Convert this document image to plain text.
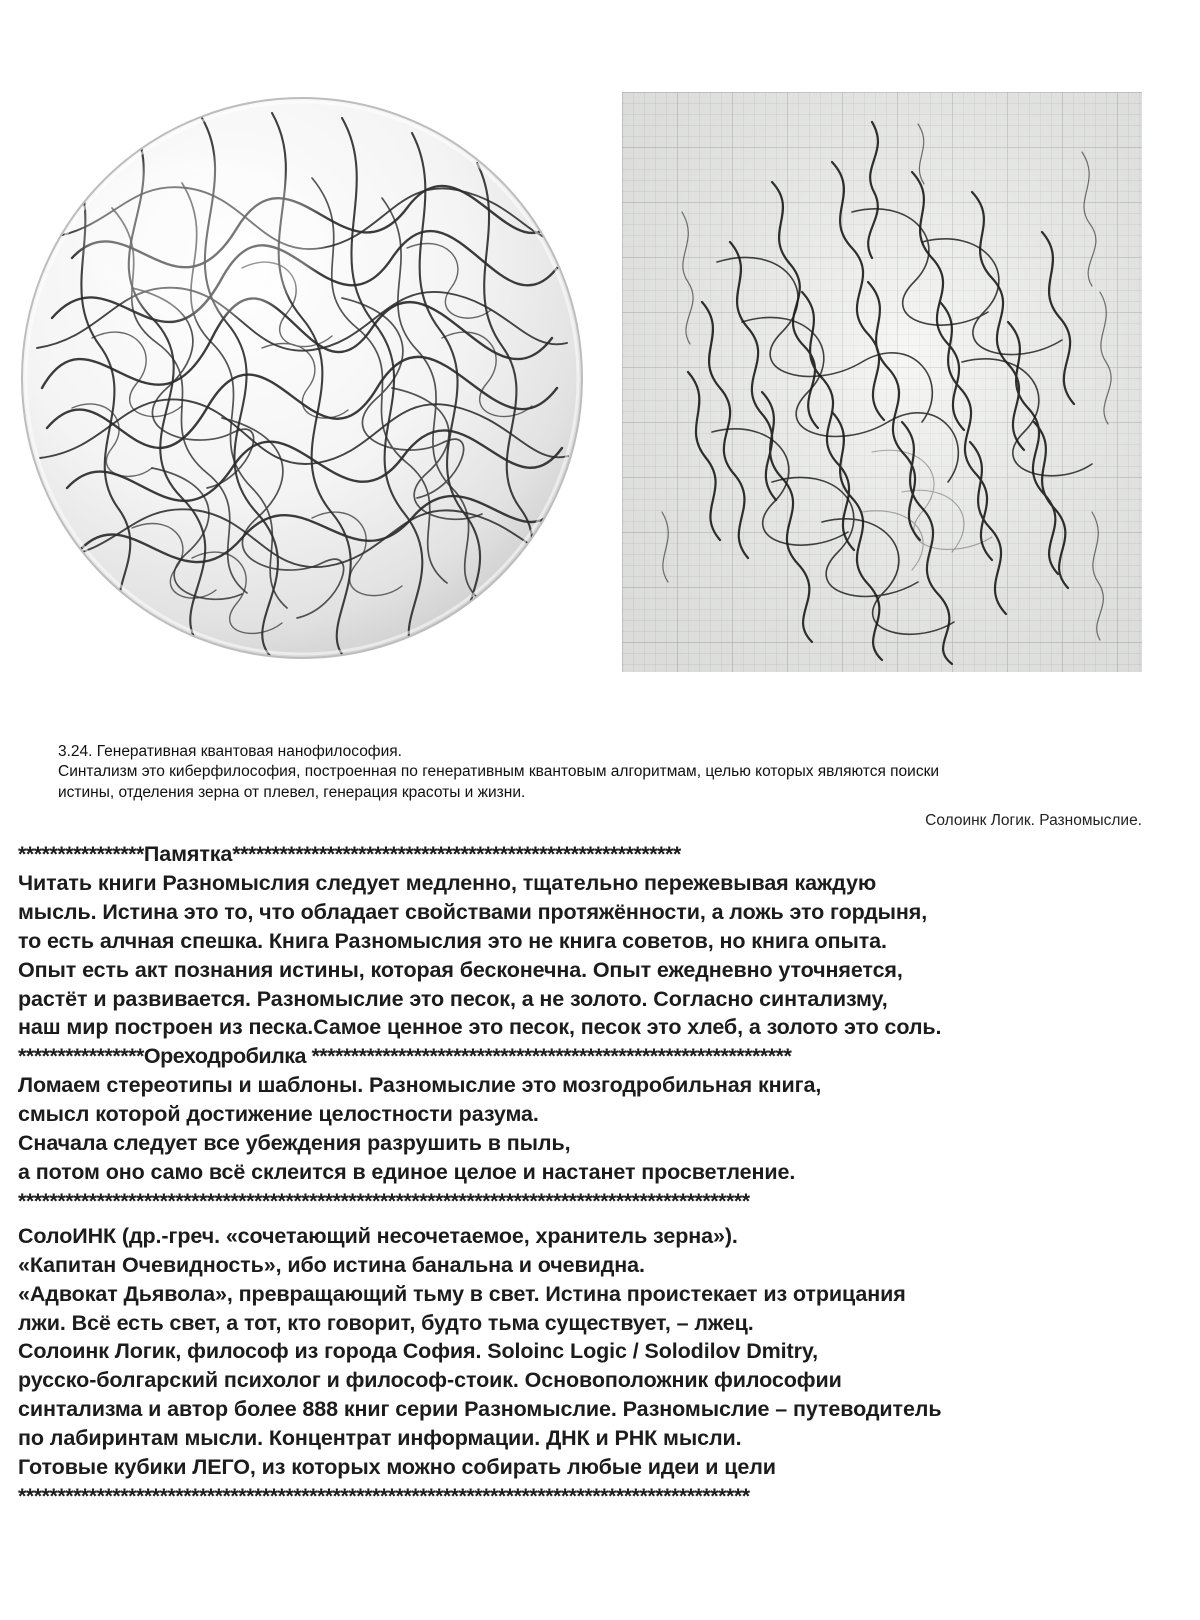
3.24. Генеративная квантовая нанофилософия.
Синтализм это киберфилософия, построенная по генеративным квантовым алгоритмам, целью которых являются поиски
истины, отделения зерна от плевел, генерация красоты и жизни.
Солоинк Логик. Разномыслие.
****************Памятка*********************************************************
Читать книги Разномыслия следует медленно, тщательно пережевывая каждую
мысль. Истина это то, что обладает свойствами протяжённости, а ложь это гордыня,
то есть алчная спешка. Книга Разномыслия это не книга советов, но книга опыта.
Опыт есть акт познания истины, которая бесконечна. Опыт ежедневно уточняется,
растёт и развивается. Разномыслие это песок, а не золото. Согласно синтализму,
наш мир построен из песка.Самое ценное это песок, песок это хлеб, а золото это соль.
****************Ореходробилка *************************************************************
Ломаем стереотипы и шаблоны. Разномыслие это мозгодробильная книга,
смысл которой достижение целостности разума.
Сначала следует все убеждения разрушить в пыль,
а потом оно само всё склеится в единое целое и настанет просветление.
*********************************************************************************************
СолоИНК (др.-греч. «сочетающий несочетаемое, хранитель зерна»).
«Капитан Очевидность», ибо истина банальна и очевидна.
«Адвокат Дьявола», превращающий тьму в свет. Истина проистекает из отрицания
лжи. Всё есть свет, а тот, кто говорит, будто тьма существует, – лжец.
Солоинк Логик, философ из города София. Soloinc Logic / Solodilov Dmitry,
русско-болгарский психолог и философ-стоик. Основоположник философии
синтализма и автор более 888 книг серии Разномыслие. Разномыслие – путеводитель
по лабиринтам мысли. Концентрат информации. ДНК и РНК мысли.
Готовые кубики ЛЕГО, из которых можно собирать любые идеи и цели
*********************************************************************************************
